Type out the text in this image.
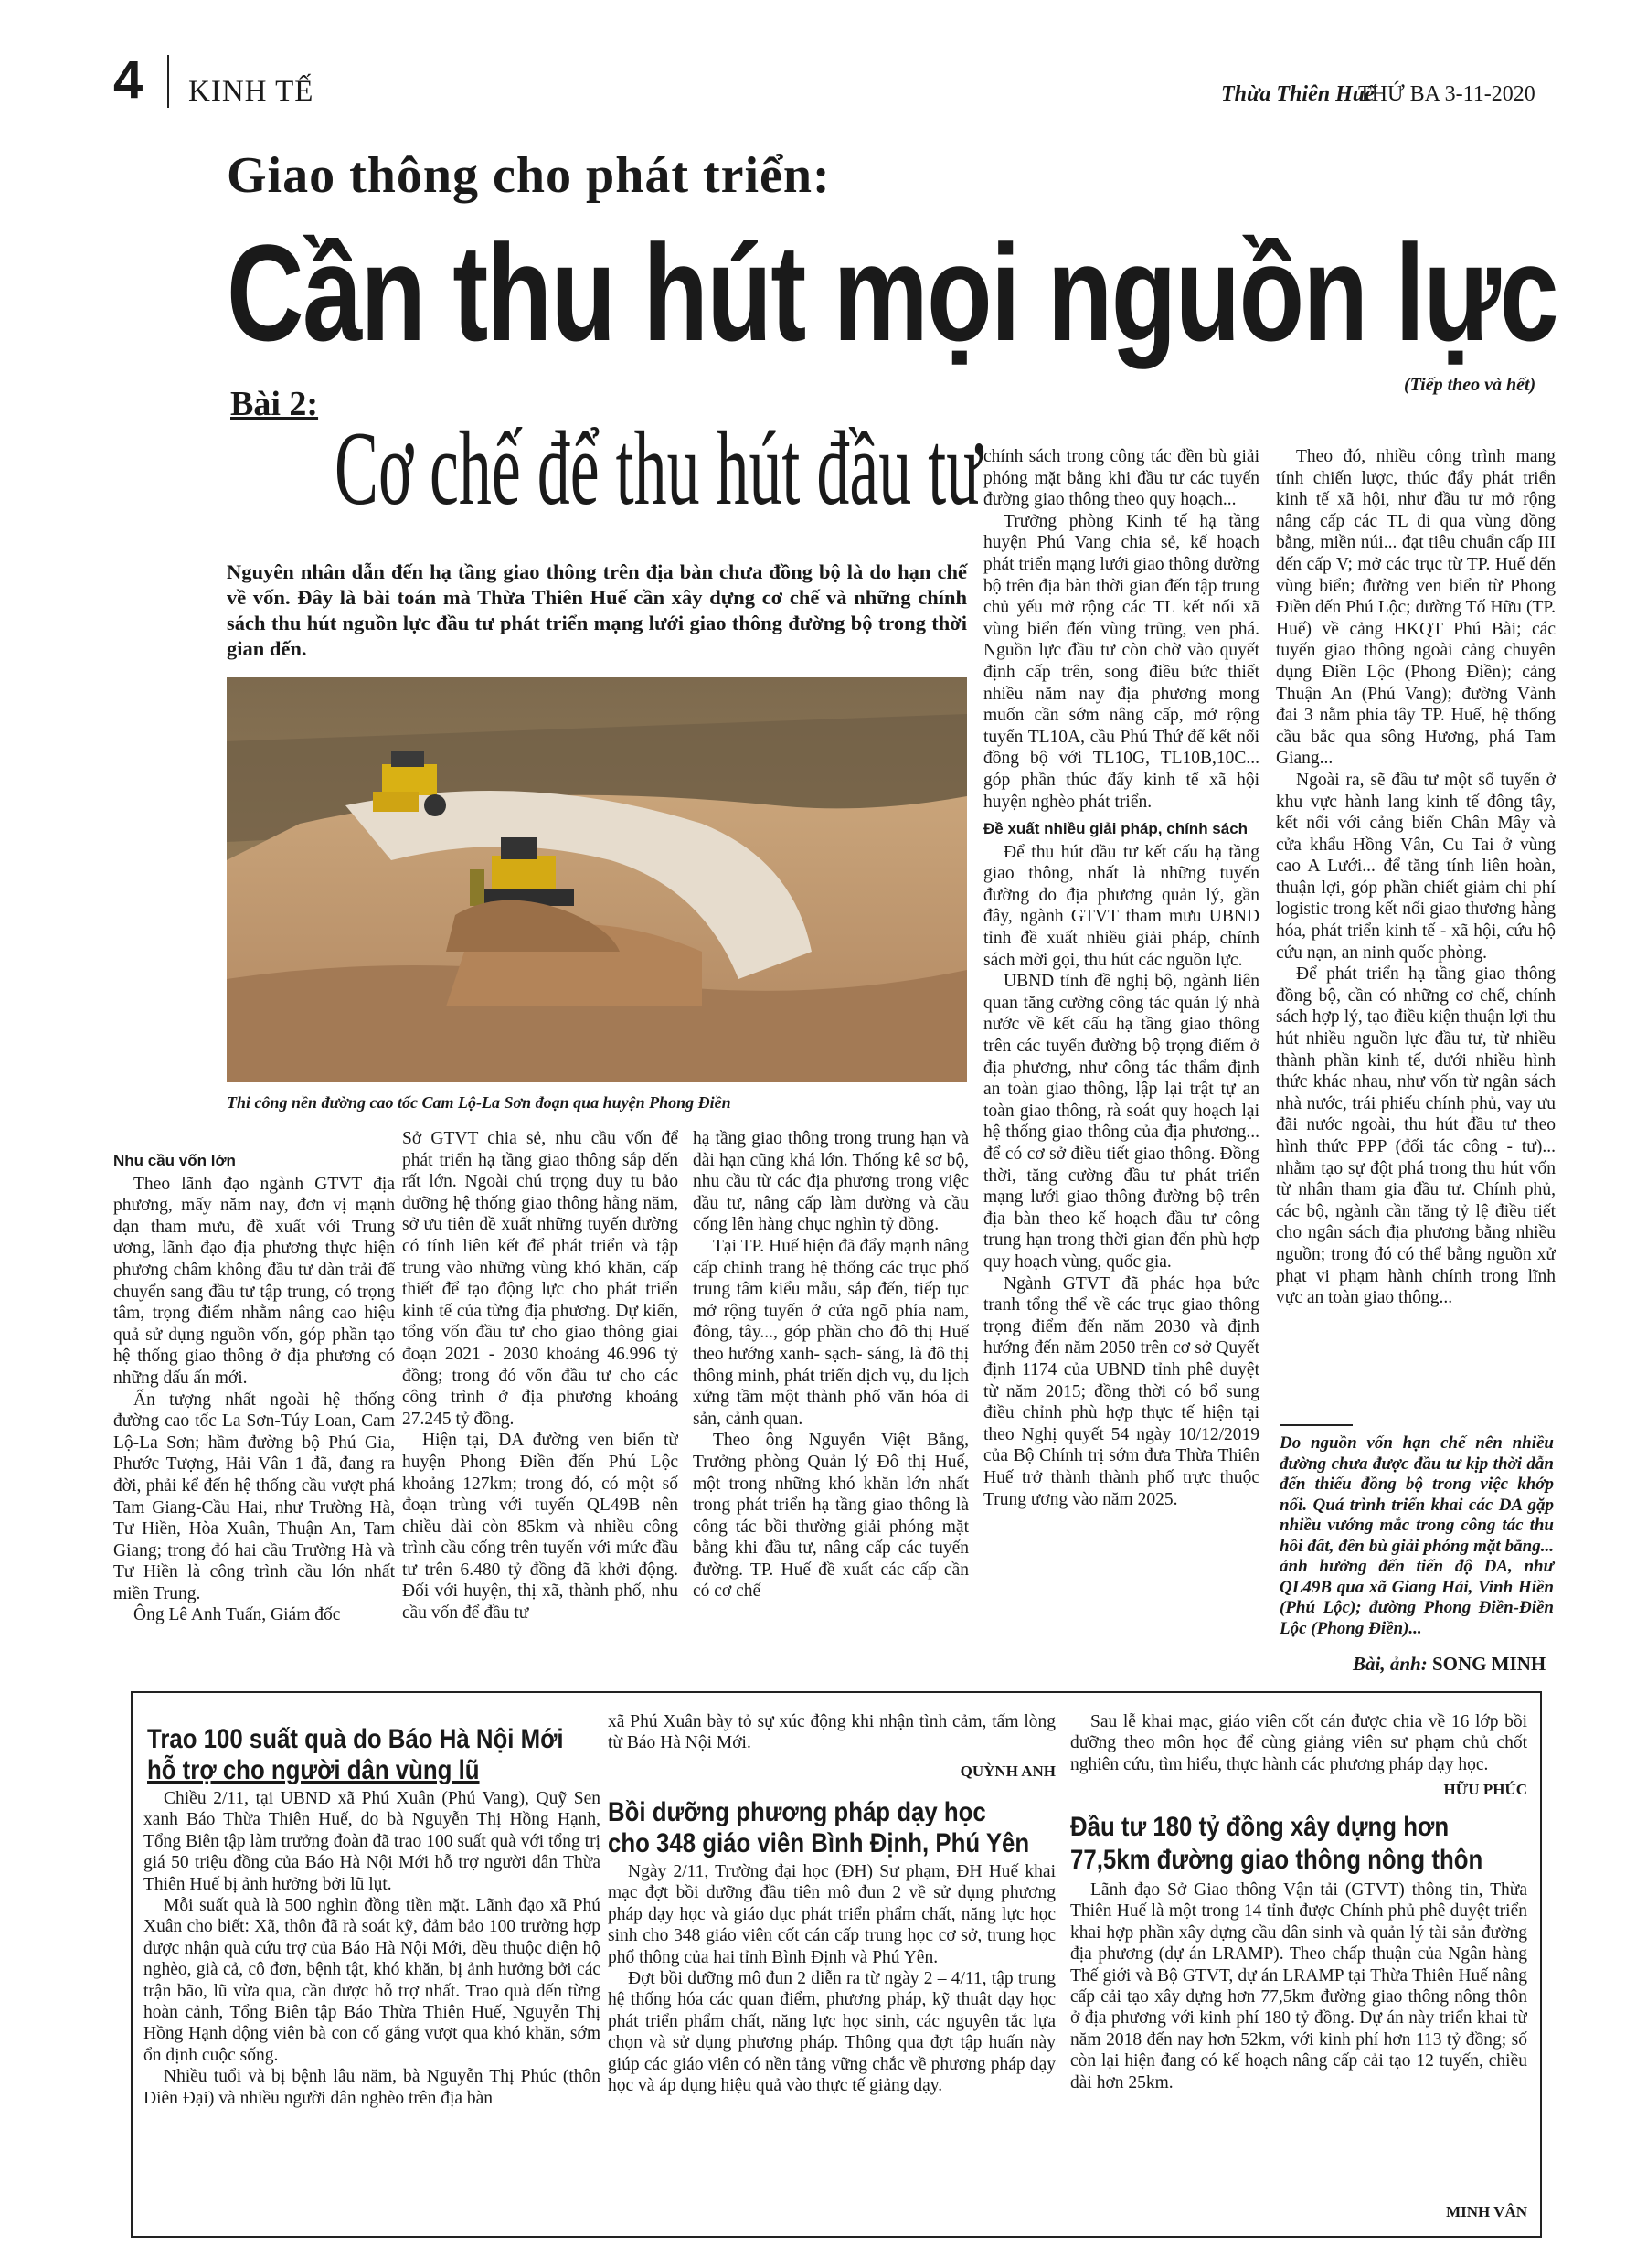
4 KINH TẾ	Thừa Thiên Huế
THỨ BA 3-11-2020
Giao thông cho phát triển:
Cần thu hút mọi nguồn lực
(Tiếp theo và hết)
Bài 2:
Cơ chế để thu hút đầu tư
Nguyên nhân dẫn đến hạ tầng giao thông trên địa bàn chưa đồng bộ là do hạn chế về vốn. Đây là bài toán mà Thừa Thiên Huế cần xây dựng cơ chế và những chính sách thu hút nguồn lực đầu tư phát triển mạng lưới giao thông đường bộ trong thời gian đến.
Thi công nền đường cao tốc Cam Lộ-La Sơn đoạn qua huyện Phong Điền
Nhu cầu vốn lớn

Theo lãnh đạo ngành GTVT địa phương, mấy năm nay, đơn vị mạnh dạn tham mưu, đề xuất với Trung ương, lãnh đạo địa phương thực hiện phương châm không đầu tư dàn trải để chuyển sang đầu tư tập trung, có trọng tâm, trọng điểm nhằm nâng cao hiệu quả sử dụng nguồn vốn, góp phần tạo hệ thống giao thông ở địa phương có những dấu ấn mới.

Ấn tượng nhất ngoài hệ thống đường cao tốc La Sơn-Túy Loan, Cam Lộ-La Sơn; hầm đường bộ Phú Gia, Phước Tượng, Hải Vân 1 đã, đang ra đời, phải kể đến hệ thống cầu vượt phá Tam Giang-Cầu Hai, như Trường Hà, Tư Hiền, Hòa Xuân, Thuận An, Tam Giang; trong đó hai cầu Trường Hà và Tư Hiền là công trình cầu lớn nhất miền Trung.

Ông Lê Anh Tuấn, Giám đốc

Sở GTVT chia sẻ, nhu cầu vốn để phát triển hạ tầng giao thông sắp đến rất lớn. Ngoài chú trọng duy tu bảo dưỡng hệ thống giao thông hằng năm, sở ưu tiên đề xuất những tuyến đường có tính liên kết để phát triển và tập trung vào những vùng khó khăn, cấp thiết để tạo động lực cho phát triển kinh tế của từng địa phương. Dự kiến, tổng vốn đầu tư cho giao thông giai đoạn 2021 - 2030 khoảng 46.996 tỷ đồng; trong đó vốn đầu tư cho các công trình ở địa phương khoảng 27.245 tỷ đồng.

Hiện tại, DA đường ven biển từ huyện Phong Điền đến Phú Lộc khoảng 127km; trong đó, có một số đoạn trùng với tuyến QL49B nên chiều dài còn 85km và nhiều công trình cầu cống trên tuyến với mức đầu tư trên 6.480 tỷ đồng đã khởi động. Đối với huyện, thị xã, thành phố, nhu cầu vốn để đầu tư

hạ tầng giao thông trong trung hạn và dài hạn cũng khá lớn. Thống kê sơ bộ, nhu cầu từ các địa phương trong việc đầu tư, nâng cấp làm đường và cầu cống lên hàng chục nghìn tỷ đồng.

Tại TP. Huế hiện đã đẩy mạnh nâng cấp chỉnh trang hệ thống các trục phố trung tâm kiểu mẫu, sắp đến, tiếp tục mở rộng tuyến ở cửa ngõ phía nam, đông, tây..., góp phần cho đô thị Huế theo hướng xanh- sạch- sáng, là đô thị thông minh, phát triển dịch vụ, du lịch xứng tầm một thành phố văn hóa di sản, cảnh quan.

Theo ông Nguyễn Việt Bằng, Trưởng phòng Quản lý Đô thị Huế, một trong những khó khăn lớn nhất trong phát triển hạ tầng giao thông là công tác bồi thường giải phóng mặt bằng khi đầu tư, nâng cấp các tuyến đường. TP. Huế đề xuất các cấp cần có cơ chế

chính sách trong công tác đền bù giải phóng mặt bằng khi đầu tư các tuyến đường giao thông theo quy hoạch...

Trưởng phòng Kinh tế hạ tầng huyện Phú Vang chia sẻ, kế hoạch phát triển mạng lưới giao thông đường bộ trên địa bàn thời gian đến tập trung chủ yếu mở rộng các TL kết nối xã vùng biển đến vùng trũng, ven phá. Nguồn lực đầu tư còn chờ vào quyết định cấp trên, song điều bức thiết nhiều năm nay địa phương mong muốn cần sớm nâng cấp, mở rộng tuyến TL10A, cầu Phú Thứ để kết nối đồng bộ với TL10G, TL10B,10C... góp phần thúc đẩy kinh tế xã hội huyện nghèo phát triển.

Đề xuất nhiều giải pháp, chính sách

Để thu hút đầu tư kết cấu hạ tầng giao thông, nhất là những tuyến đường do địa phương quản lý, gần đây, ngành GTVT tham mưu UBND tỉnh đề xuất nhiều giải pháp, chính sách mời gọi, thu hút các nguồn lực.

UBND tỉnh đề nghị bộ, ngành liên quan tăng cường công tác quản lý nhà nước về kết cấu hạ tầng giao thông trên các tuyến đường bộ trọng điểm ở địa phương, như công tác thẩm định an toàn giao thông, lập lại trật tự an toàn giao thông, rà soát quy hoạch lại hệ thống giao thông của địa phương... để có cơ sở điều tiết giao thông. Đồng thời, tăng cường đầu tư phát triển mạng lưới giao thông đường bộ trên địa bàn theo kế hoạch đầu tư công trung hạn trong thời gian đến phù hợp quy hoạch vùng, quốc gia.

Ngành GTVT đã phác họa bức tranh tổng thể về các trục giao thông trọng điểm đến năm 2030 và định hướng đến năm 2050 trên cơ sở Quyết định 1174 của UBND tỉnh phê duyệt từ năm 2015; đồng thời có bổ sung điều chỉnh phù hợp thực tế hiện tại theo Nghị quyết 54 ngày 10/12/2019 của Bộ Chính trị sớm đưa Thừa Thiên Huế trở thành thành phố trực thuộc Trung ương vào năm 2025.

Theo đó, nhiều công trình mang tính chiến lược, thúc đẩy phát triển kinh tế xã hội, như đầu tư mở rộng nâng cấp các TL đi qua vùng đồng bằng, miền núi... đạt tiêu chuẩn cấp III đến cấp V; mở các trục từ TP. Huế đến vùng biển; đường ven biển từ Phong Điền đến Phú Lộc; đường Tố Hữu (TP. Huế) về cảng HKQT Phú Bài; các tuyến giao thông ngoài cảng chuyên dụng Điền Lộc (Phong Điền); cảng Thuận An (Phú Vang); đường Vành đai 3 nằm phía tây TP. Huế, hệ thống cầu bắc qua sông Hương, phá Tam Giang...

Ngoài ra, sẽ đầu tư một số tuyến ở khu vực hành lang kinh tế đông tây, kết nối với cảng biển Chân Mây và cửa khẩu Hồng Vân, Cu Tai ở vùng cao A Lưới... để tăng tính liên hoàn, thuận lợi, góp phần chiết giảm chi phí logistic trong kết nối giao thương hàng hóa, phát triển kinh tế - xã hội, cứu hộ cứu nạn, an ninh quốc phòng.

Để phát triển hạ tầng giao thông đồng bộ, cần có những cơ chế, chính sách hợp lý, tạo điều kiện thuận lợi thu hút nhiều nguồn lực đầu tư, từ nhiều thành phần kinh tế, dưới nhiều hình thức khác nhau, như vốn từ ngân sách nhà nước, trái phiếu chính phủ, vay ưu đãi nước ngoài, thu hút đầu tư theo hình thức PPP (đối tác công - tư)... nhằm tạo sự đột phá trong thu hút vốn từ nhân tham gia đầu tư. Chính phủ, các bộ, ngành cần tăng tỷ lệ điều tiết cho ngân sách địa phương bằng nhiều nguồn; trong đó có thể bằng nguồn xử phạt vi phạm hành chính trong lĩnh vực an toàn giao thông...

Do nguồn vốn hạn chế nên nhiều đường chưa được đầu tư kịp thời dẫn đến thiếu đồng bộ trong việc khớp nối. Quá trình triển khai các DA gặp nhiều vướng mắc trong công tác thu hồi đất, đền bù giải phóng mặt bằng... ảnh hưởng đến tiến độ DA, như QL49B qua xã Giang Hải, Vinh Hiền (Phú Lộc); đường Phong Điền-Điền Lộc (Phong Điền)...
Bài, ảnh: SONG MINH
Trao 100 suất quà do Báo Hà Nội Mới
hỗ trợ cho người dân vùng lũ

Chiều 2/11, tại UBND xã Phú Xuân (Phú Vang), Quỹ Sen xanh Báo Thừa Thiên Huế, do bà Nguyễn Thị Hồng Hạnh, Tổng Biên tập làm trưởng đoàn đã trao 100 suất quà với tổng trị giá 50 triệu đồng của Báo Hà Nội Mới hỗ trợ người dân Thừa Thiên Huế bị ảnh hưởng bởi lũ lụt.

Mỗi suất quà là 500 nghìn đồng tiền mặt. Lãnh đạo xã Phú Xuân cho biết: Xã, thôn đã rà soát kỹ, đảm bảo 100 trường hợp được nhận quà cứu trợ của Báo Hà Nội Mới, đều thuộc diện hộ nghèo, già cả, cô đơn, bệnh tật, khó khăn, bị ảnh hưởng bởi các trận bão, lũ vừa qua, cần được hỗ trợ nhất. Trao quà đến từng hoàn cảnh, Tổng Biên tập Báo Thừa Thiên Huế, Nguyễn Thị Hồng Hạnh động viên bà con cố gắng vượt qua khó khăn, sớm ổn định cuộc sống.

Nhiều tuổi và bị bệnh lâu năm, bà Nguyễn Thị Phúc (thôn Diên Đại) và nhiều người dân nghèo trên địa bàn

xã Phú Xuân bày tỏ sự xúc động khi nhận tình cảm, tấm lòng từ Báo Hà Nội Mới.

QUỲNH ANH
Bồi dưỡng phương pháp dạy học
cho 348 giáo viên Bình Định, Phú Yên

Ngày 2/11, Trường đại học (ĐH) Sư phạm, ĐH Huế khai mạc đợt bồi dưỡng đầu tiên mô đun 2 về sử dụng phương pháp dạy học và giáo dục phát triển phẩm chất, năng lực học sinh cho 348 giáo viên cốt cán cấp trung học cơ sở, trung học phổ thông của hai tỉnh Bình Định và Phú Yên.

Đợt bồi dưỡng mô đun 2 diễn ra từ ngày 2 – 4/11, tập trung hệ thống hóa các quan điểm, phương pháp, kỹ thuật dạy học phát triển phẩm chất, năng lực học sinh, các nguyên tắc lựa chọn và sử dụng phương pháp. Thông qua đợt tập huấn này giúp các giáo viên có nền tảng vững chắc về phương pháp dạy học và áp dụng hiệu quả vào thực tế giảng dạy.

Sau lễ khai mạc, giáo viên cốt cán được chia về 16 lớp bồi dưỡng theo môn học để cùng giảng viên sư phạm chủ chốt nghiên cứu, tìm hiểu, thực hành các phương pháp dạy học.

HỮU PHÚC
Đầu tư 180 tỷ đồng xây dựng hơn
77,5km đường giao thông nông thôn

Lãnh đạo Sở Giao thông Vận tải (GTVT) thông tin, Thừa Thiên Huế là một trong 14 tỉnh được Chính phủ phê duyệt triển khai hợp phần xây dựng cầu dân sinh và quản lý tài sản đường địa phương (dự án LRAMP). Theo chấp thuận của Ngân hàng Thế giới và Bộ GTVT, dự án LRAMP tại Thừa Thiên Huế nâng cấp cải tạo xây dựng hơn 77,5km đường giao thông nông thôn ở địa phương với kinh phí 180 tỷ đồng. Dự án này triển khai từ năm 2018 đến nay hơn 52km, với kinh phí hơn 113 tỷ đồng; số còn lại hiện đang có kế hoạch nâng cấp cải tạo 12 tuyến, chiều dài hơn 25km.

MINH VÂN
